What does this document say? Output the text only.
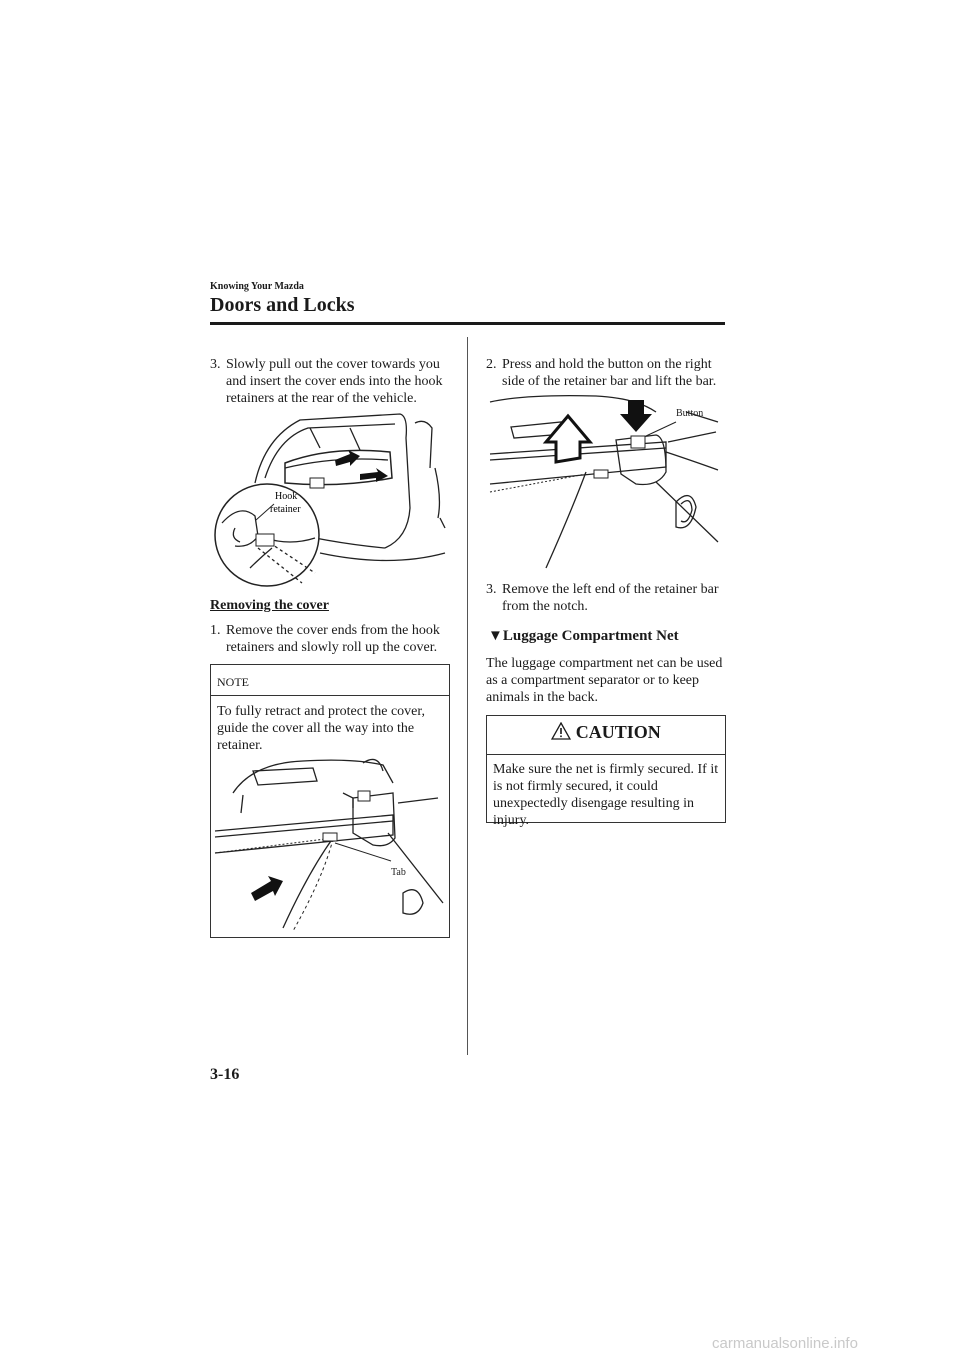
Knowing Your Mazda
Doors and Locks
3. Slowly pull out the cover towards you
and insert the cover ends into the hook
retainers at the rear of the vehicle.
Hook
retainer
Removing the cover
1. Remove the cover ends from the hook
retainers and slowly roll up the cover.
NOTE
To fully retract and protect the cover,
guide the cover all the way into the
retainer.
Tab
2. Press and hold the button on the right
side of the retainer bar and lift the bar.
Button
3. Remove the left end of the retainer bar
from the notch.
▼Luggage Compartment Net
The luggage compartment net can be used
as a compartment separator or to keep
animals in the back.
CAUTION
Make sure the net is firmly secured. If it
is not firmly secured, it could
unexpectedly disengage resulting in
injury.
3-16
carmanualsonline.info
